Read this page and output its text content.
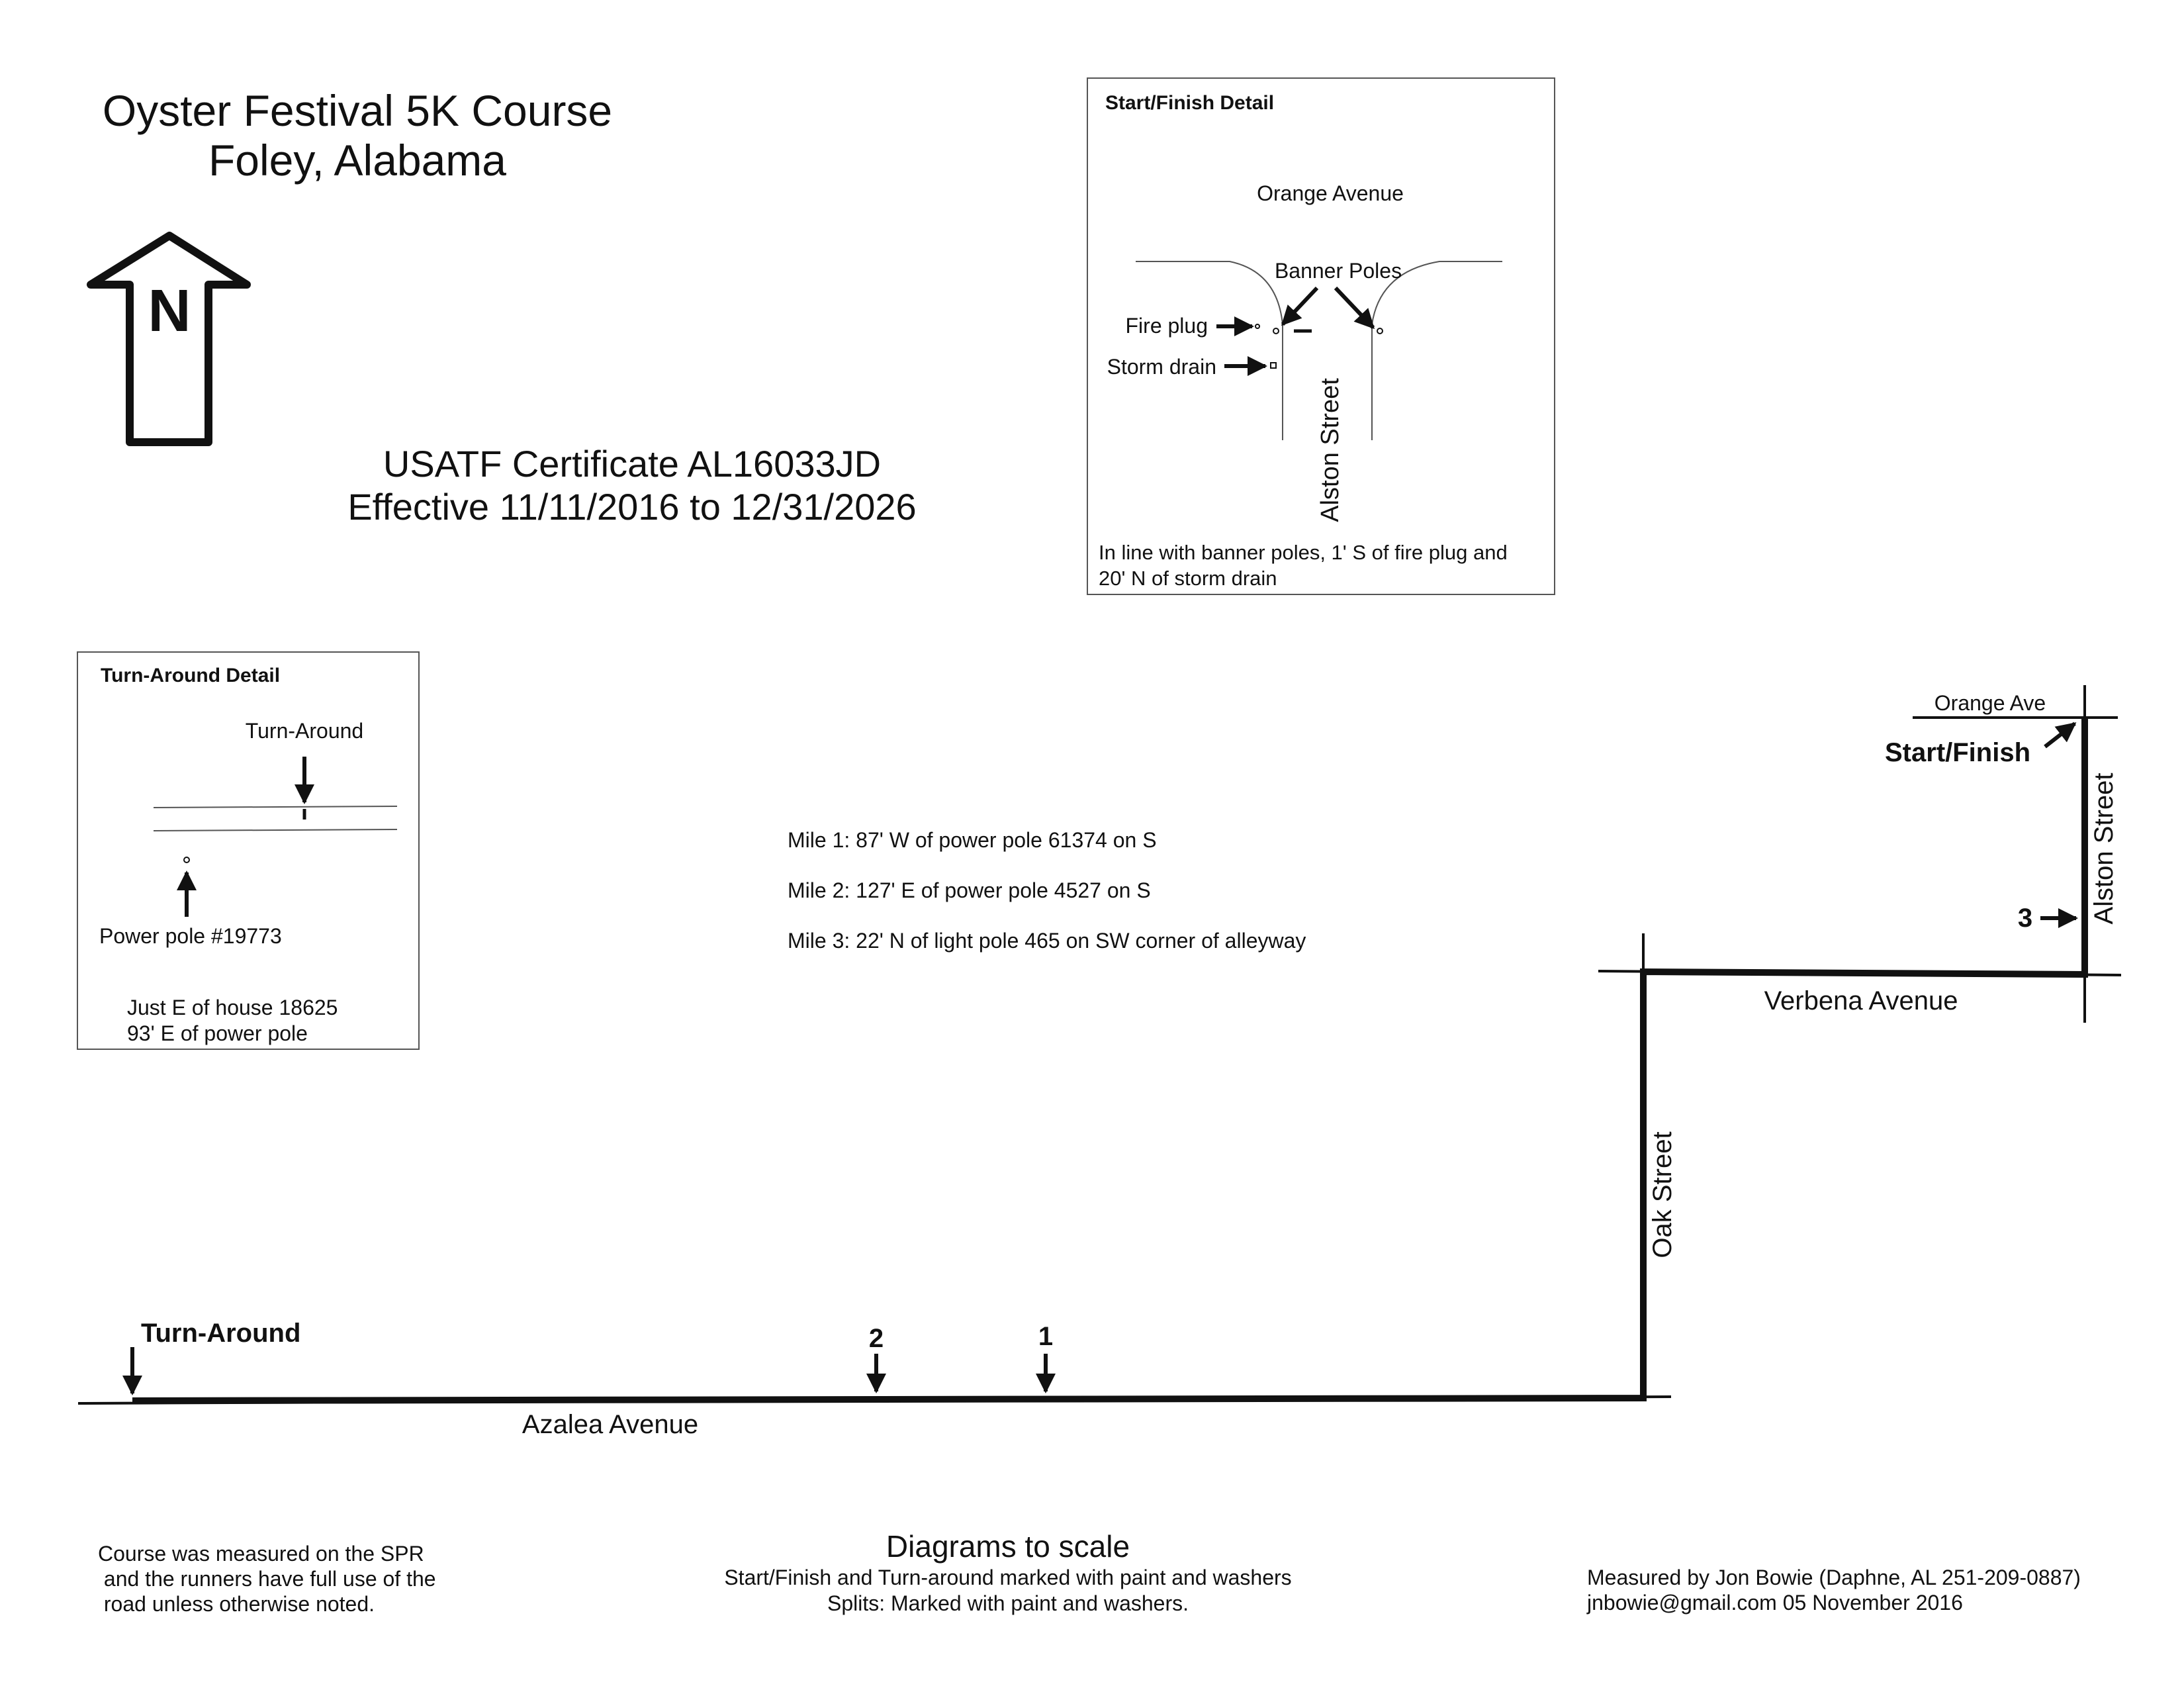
Oyster Festival 5K Course
Foley, Alabama
N
USATF Certificate AL16033JD
Effective 11/11/2016 to 12/31/2026
Start/Finish Detail
Orange Avenue
Banner Poles
Fire plug
Storm drain
Alston Street
In line with banner poles, 1' S of fire plug and
20' N of storm drain
Turn-Around Detail
Turn-Around
Power pole #19773
Just E of house 18625
93' E of power pole
Mile 1: 87' W of power pole 61374 on S
Mile 2: 127' E of power pole 4527 on S
Mile 3: 22' N of light pole 465 on SW corner of alleyway
Orange Ave
Alston Street
Verbena Avenue
Oak Street
Azalea Avenue
Start/Finish
Turn-Around	2	1
3
Course was measured on the SPR
and the runners have full use of the
road unless otherwise noted.
Diagrams to scale
Start/Finish and Turn-around marked with paint and washers
Splits: Marked with paint and washers.
Measured by Jon Bowie (Daphne, AL 251-209-0887)
jnbowie@gmail.com 05 November 2016
